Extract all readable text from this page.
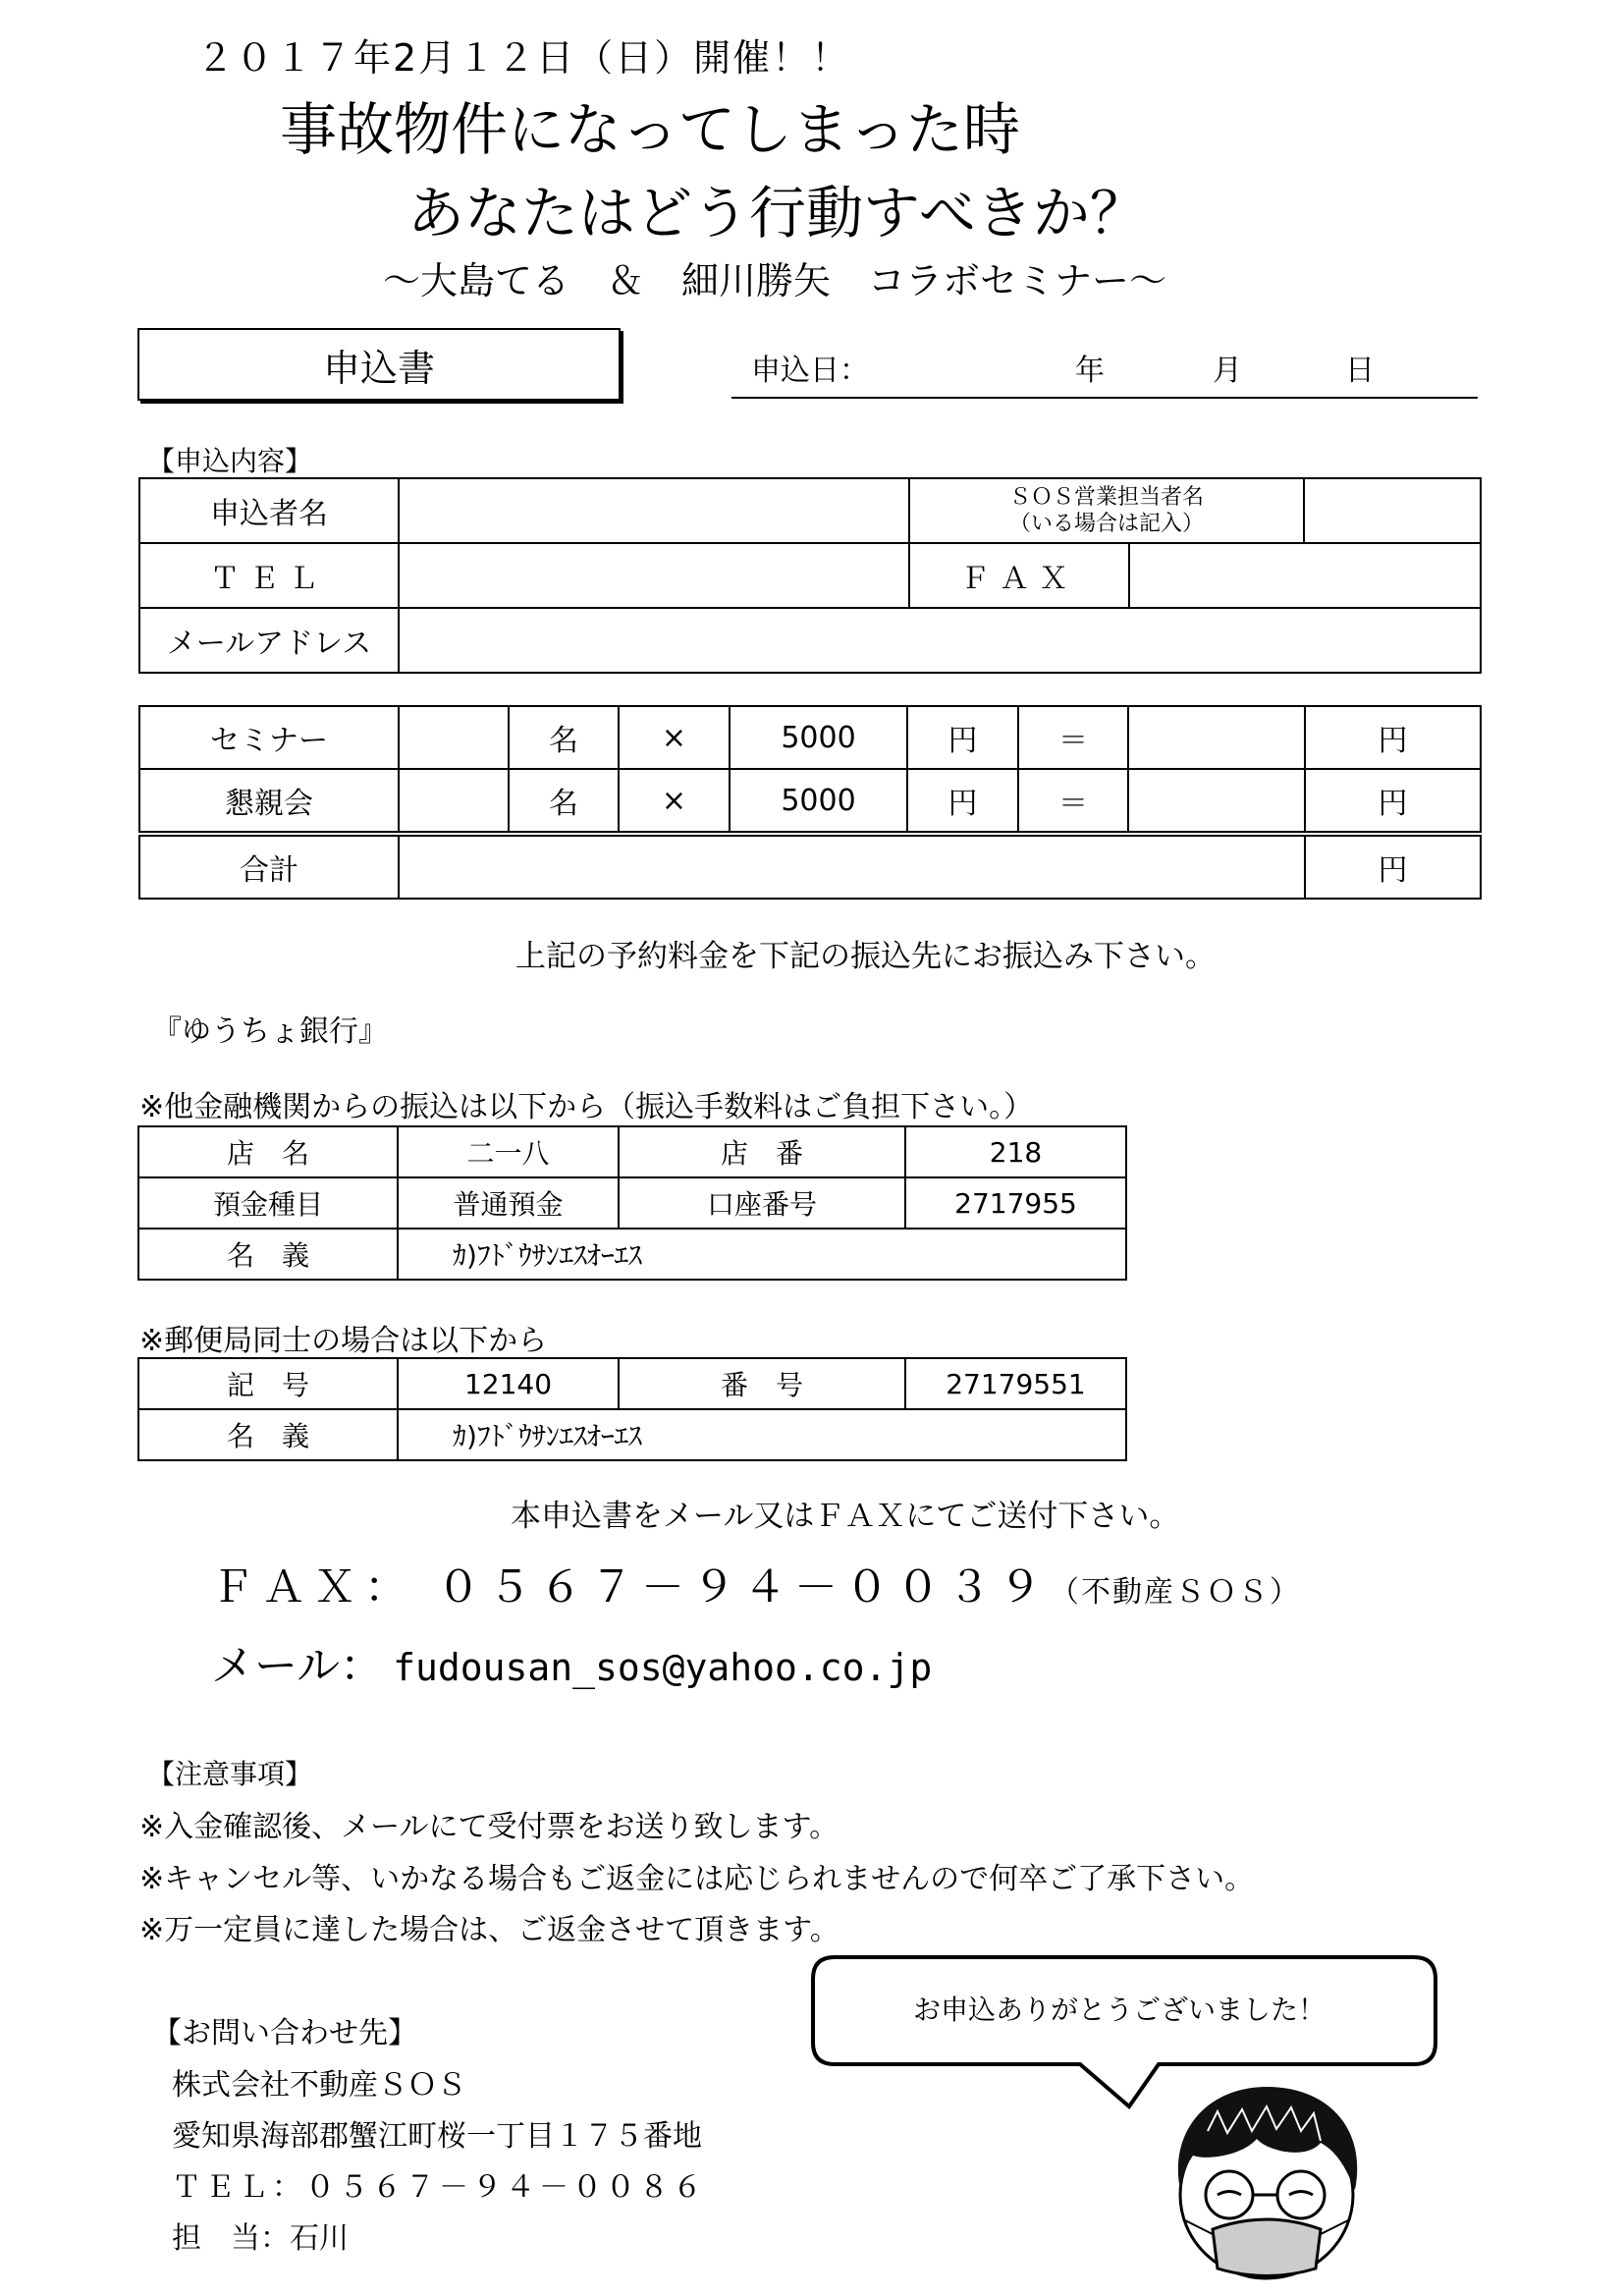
２０１７年2月１２日（日）開催！！
事故物件になってしまった時
あなたはどう行動すべきか？
～大島てる　＆　細川勝矢　コラボセミナー～
申込書	申込日：	年	月	日
【申込内容】
申込者名		ＳＯＳ営業担当者名
（いる場合は記入）		
ＴＥＬ		ＦＡＸ		
メールアドレス				
セミナー		名	×	5000	円	＝		円
懇親会		名	×	5000	円	＝		円
合計		円
上記の予約料金を下記の振込先にお振込み下さい。
『ゆうちょ銀行』
※他金融機関からの振込は以下から（振込手数料はご負担下さい。）
店　名	二一八	店　番	218
預金種目	普通預金	口座番号	2717955
名　義	ｶ)ﾌﾄﾞｳｻﾝｴｽｵｰｴｽ		
※郵便局同士の場合は以下から
記　号	12140	番　号	27179551
名　義	ｶ)ﾌﾄﾞｳｻﾝｴｽｵｰｴｽ		
本申込書をメール又はＦＡＸにてご送付下さい。
ＦＡＸ： ０５６７－９４－００３９（不動産ＳＯＳ）
メール： fudousan_sos@yahoo.co.jp
【注意事項】
※入金確認後、メールにて受付票をお送り致します。
※キャンセル等、いかなる場合もご返金には応じられませんので何卒ご了承下さい。
※万一定員に達した場合は、ご返金させて頂きます。
【お問い合わせ先】
株式会社不動産ＳＯＳ
愛知県海部郡蟹江町桜一丁目１７５番地
ＴＥＬ：０５６７－９４－００８６
担　当：石川
お申込ありがとうございました！
